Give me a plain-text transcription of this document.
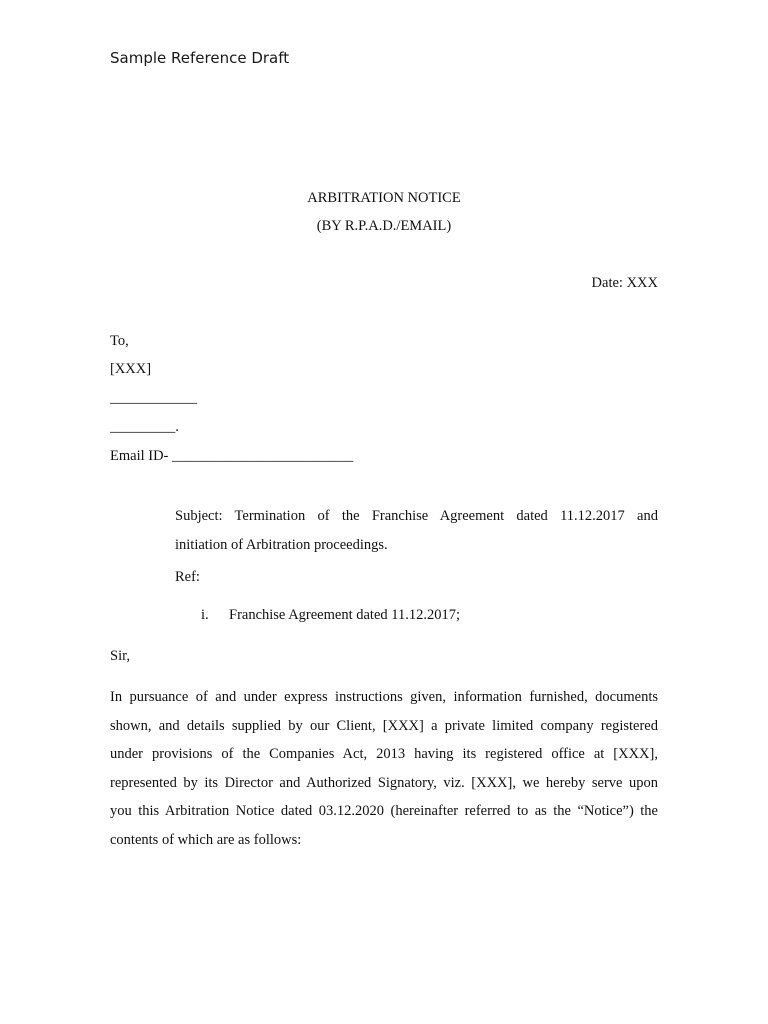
Sample Reference Draft
ARBITRATION NOTICE
(BY R.P.A.D./EMAIL)
Date: XXX
To,
[XXX]
____________
_________.
Email ID- _________________________
Subject: Termination of the Franchise Agreement dated 11.12.2017 and
initiation of Arbitration proceedings.
Ref:
i. Franchise Agreement dated 11.12.2017;
Sir,
In pursuance of and under express instructions given, information furnished, documents
shown, and details supplied by our Client, [XXX] a private limited company registered
under provisions of the Companies Act, 2013 having its registered office at [XXX],
represented by its Director and Authorized Signatory, viz. [XXX], we hereby serve upon
you this Arbitration Notice dated 03.12.2020 (hereinafter referred to as the “Notice”) the
contents of which are as follows:
